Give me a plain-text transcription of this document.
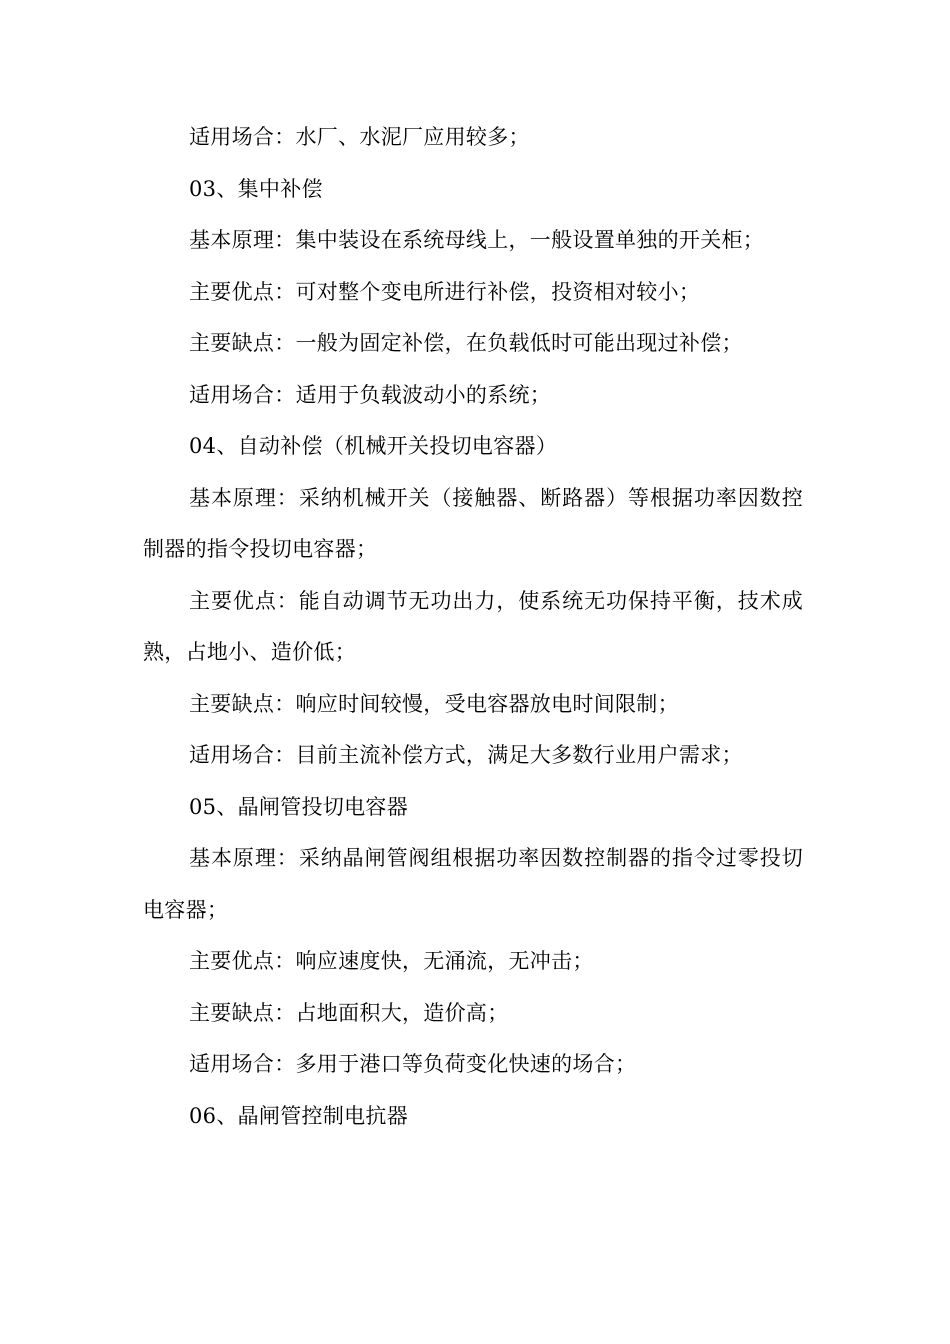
适用场合：水厂、水泥厂应用较多；

03、集中补偿

基本原理：集中装设在系统母线上，一般设置单独的开关柜；

主要优点：可对整个变电所进行补偿，投资相对较小；

主要缺点：一般为固定补偿，在负载低时可能出现过补偿；

适用场合：适用于负载波动小的系统；

04、自动补偿（机械开关投切电容器）

基本原理：采纳机械开关（接触器、断路器）等根据功率因数控制器的指令投切电容器；

主要优点：能自动调节无功出力，使系统无功保持平衡，技术成熟，占地小、造价低；

主要缺点：响应时间较慢，受电容器放电时间限制；

适用场合：目前主流补偿方式，满足大多数行业用户需求；

05、晶闸管投切电容器

基本原理：采纳晶闸管阀组根据功率因数控制器的指令过零投切电容器；

主要优点：响应速度快，无涌流，无冲击；

主要缺点：占地面积大，造价高；

适用场合：多用于港口等负荷变化快速的场合；

06、晶闸管控制电抗器
